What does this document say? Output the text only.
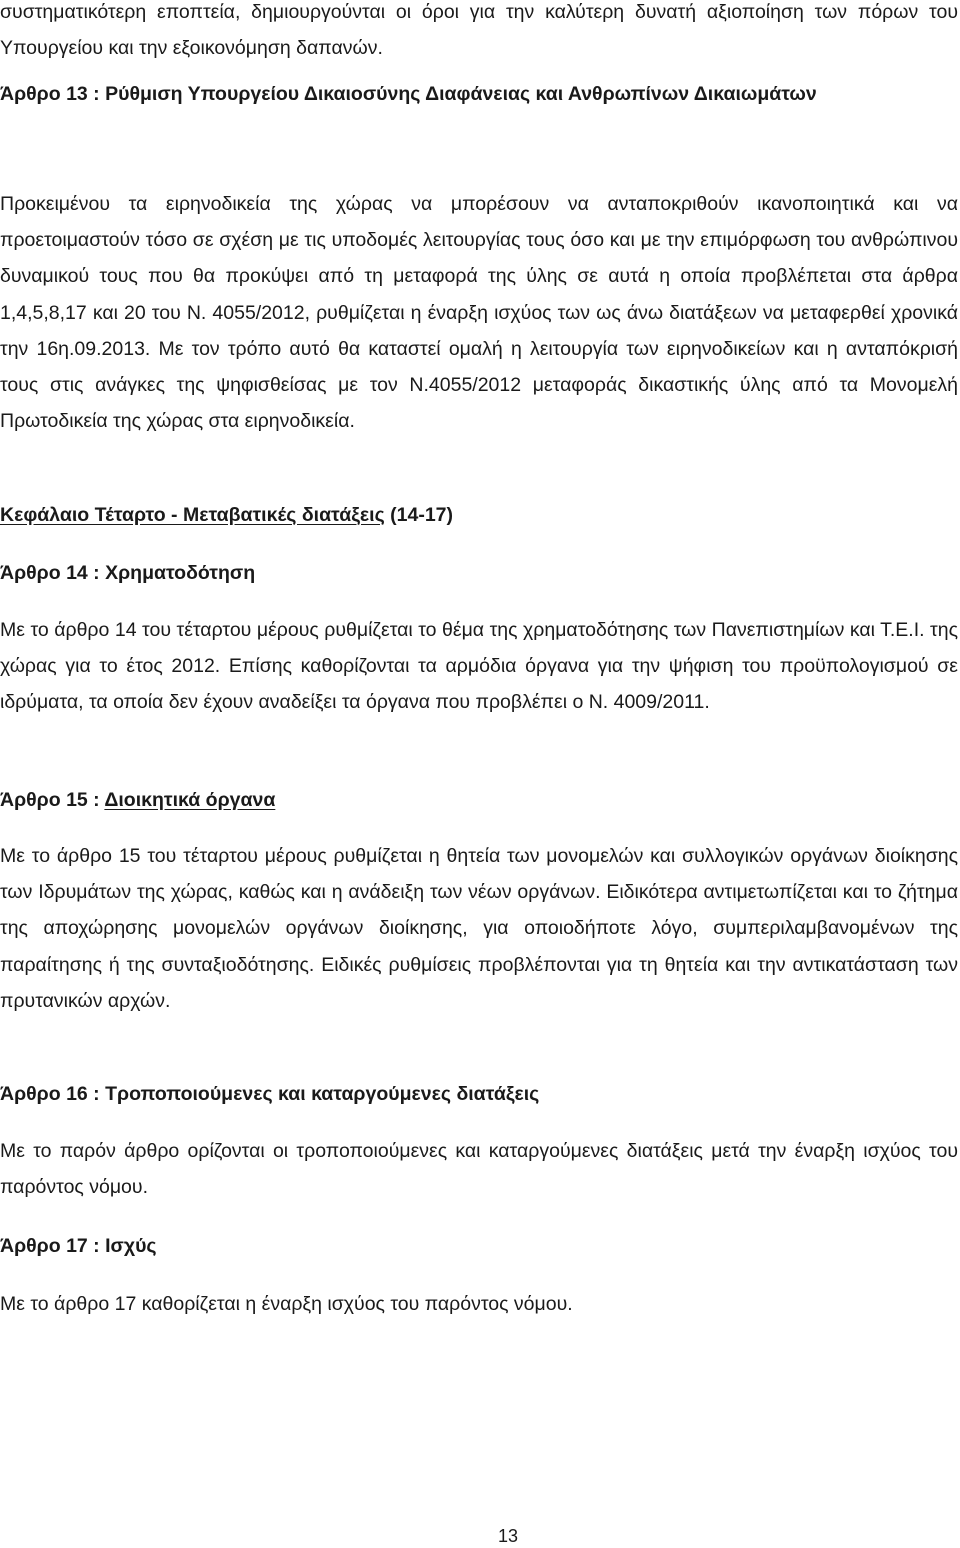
συστηματικότερη εποπτεία, δημιουργούνται οι όροι για την καλύτερη δυνατή αξιοποίηση των πόρων του Υπουργείου και την εξοικονόμηση δαπανών.

Άρθρο 13 : Ρύθμιση Υπουργείου Δικαιοσύνης Διαφάνειας και Ανθρωπίνων Δικαιωμάτων

Προκειμένου τα ειρηνοδικεία της χώρας να μπορέσουν να ανταποκριθούν ικανοποιητικά και να προετοιμαστούν τόσο σε σχέση με τις υποδομές λειτουργίας τους όσο και με την επιμόρφωση του ανθρώπινου δυναμικού τους που θα προκύψει από τη μεταφορά της ύλης σε αυτά η οποία προβλέπεται στα άρθρα 1,4,5,8,17 και 20 του Ν. 4055/2012, ρυθμίζεται η έναρξη ισχύος των ως άνω διατάξεων να μεταφερθεί χρονικά την 16η.09.2013. Με τον τρόπο αυτό θα καταστεί ομαλή η λειτουργία των ειρηνοδικείων και η ανταπόκρισή τους στις ανάγκες της ψηφισθείσας με τον Ν.4055/2012 μεταφοράς δικαστικής ύλης από τα Μονομελή Πρωτοδικεία της χώρας στα ειρηνοδικεία.

Κεφάλαιο Τέταρτο - Μεταβατικές διατάξεις (14-17)

Άρθρο 14 : Χρηματοδότηση

Με το άρθρο 14 του τέταρτου μέρους ρυθμίζεται το θέμα της χρηματοδότησης των Πανεπιστημίων και Τ.Ε.Ι. της χώρας για το έτος 2012. Επίσης καθορίζονται τα αρμόδια όργανα για την ψήφιση του προϋπολογισμού σε ιδρύματα, τα οποία δεν έχουν αναδείξει τα όργανα που προβλέπει ο Ν. 4009/2011.

Άρθρο 15 : Διοικητικά όργανα

Με το άρθρο 15 του τέταρτου μέρους ρυθμίζεται η θητεία των μονομελών και συλλογικών οργάνων διοίκησης των Ιδρυμάτων της χώρας, καθώς και η ανάδειξη των νέων οργάνων. Ειδικότερα αντιμετωπίζεται και το ζήτημα της αποχώρησης μονομελών οργάνων διοίκησης, για οποιοδήποτε λόγο, συμπεριλαμβανομένων της παραίτησης ή της συνταξιοδότησης. Ειδικές ρυθμίσεις προβλέπονται για τη θητεία και την αντικατάσταση των πρυτανικών αρχών.

Άρθρο 16 : Τροποποιούμενες και καταργούμενες διατάξεις

Με το παρόν άρθρο ορίζονται οι τροποποιούμενες και καταργούμενες διατάξεις μετά την έναρξη ισχύος του παρόντος νόμου.

Άρθρο 17 : Ισχύς

Με το άρθρο 17 καθορίζεται η έναρξη ισχύος του παρόντος νόμου.

13
